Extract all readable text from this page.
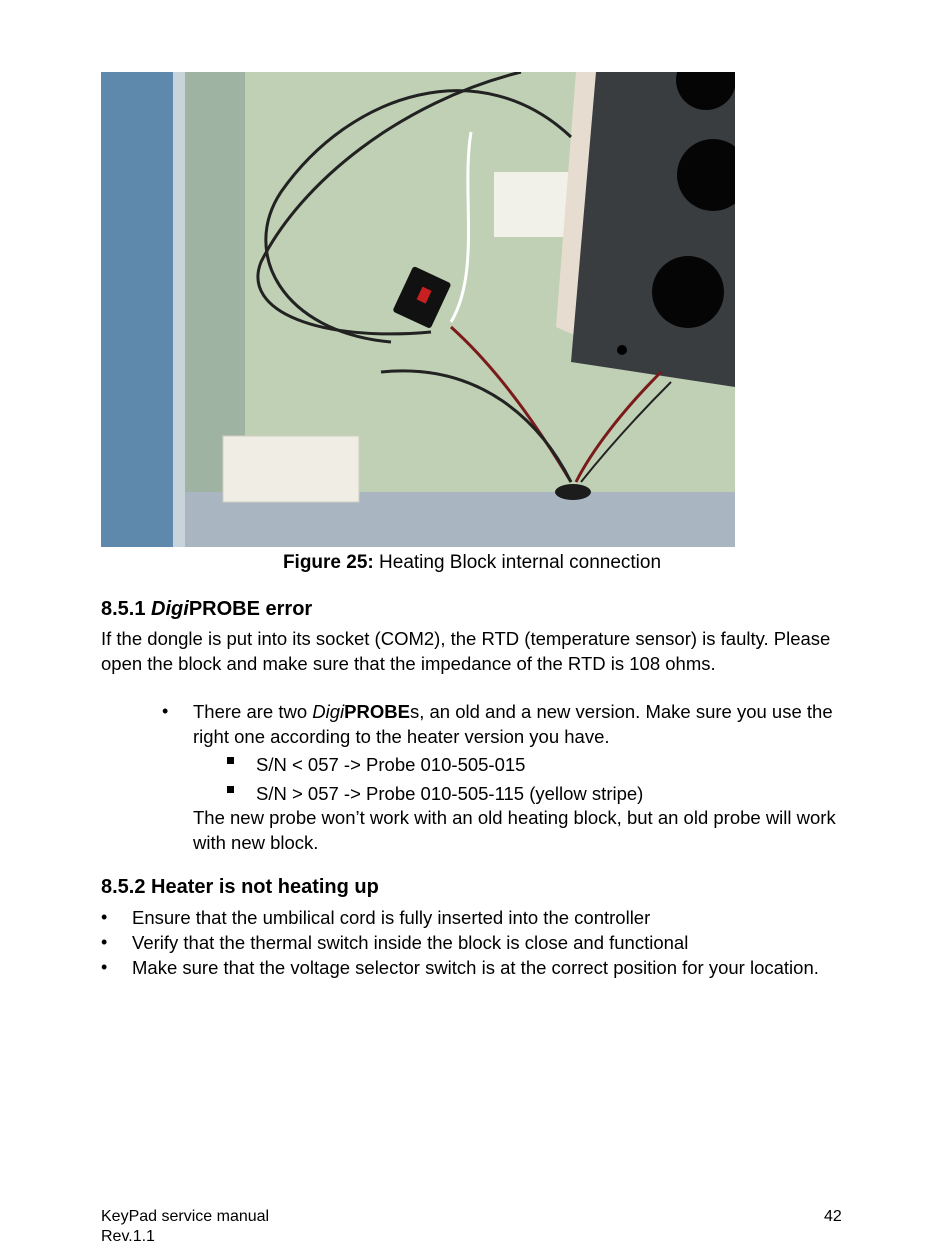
Figure 25: Heating Block internal connection
8.5.1 DigiPROBE error
If the dongle is put into its socket (COM2), the RTD (temperature sensor) is faulty. Please open the block and make sure that the impedance of the RTD is 108 ohms.
• There are two DigiPROBEs, an old and a new version. Make sure you use the right one according to the heater version you have.
S/N < 057 -> Probe 010-505-015
S/N > 057 -> Probe 010-505-115 (yellow stripe)
The new probe won’t work with an old heating block, but an old probe will work with new block.
8.5.2 Heater is not heating up
• Ensure that the umbilical cord is fully inserted into the controller
• Verify that the thermal switch inside the block is close and functional
• Make sure that the voltage selector switch is at the correct position for your location.
KeyPad service manual
Rev.1.1
42
